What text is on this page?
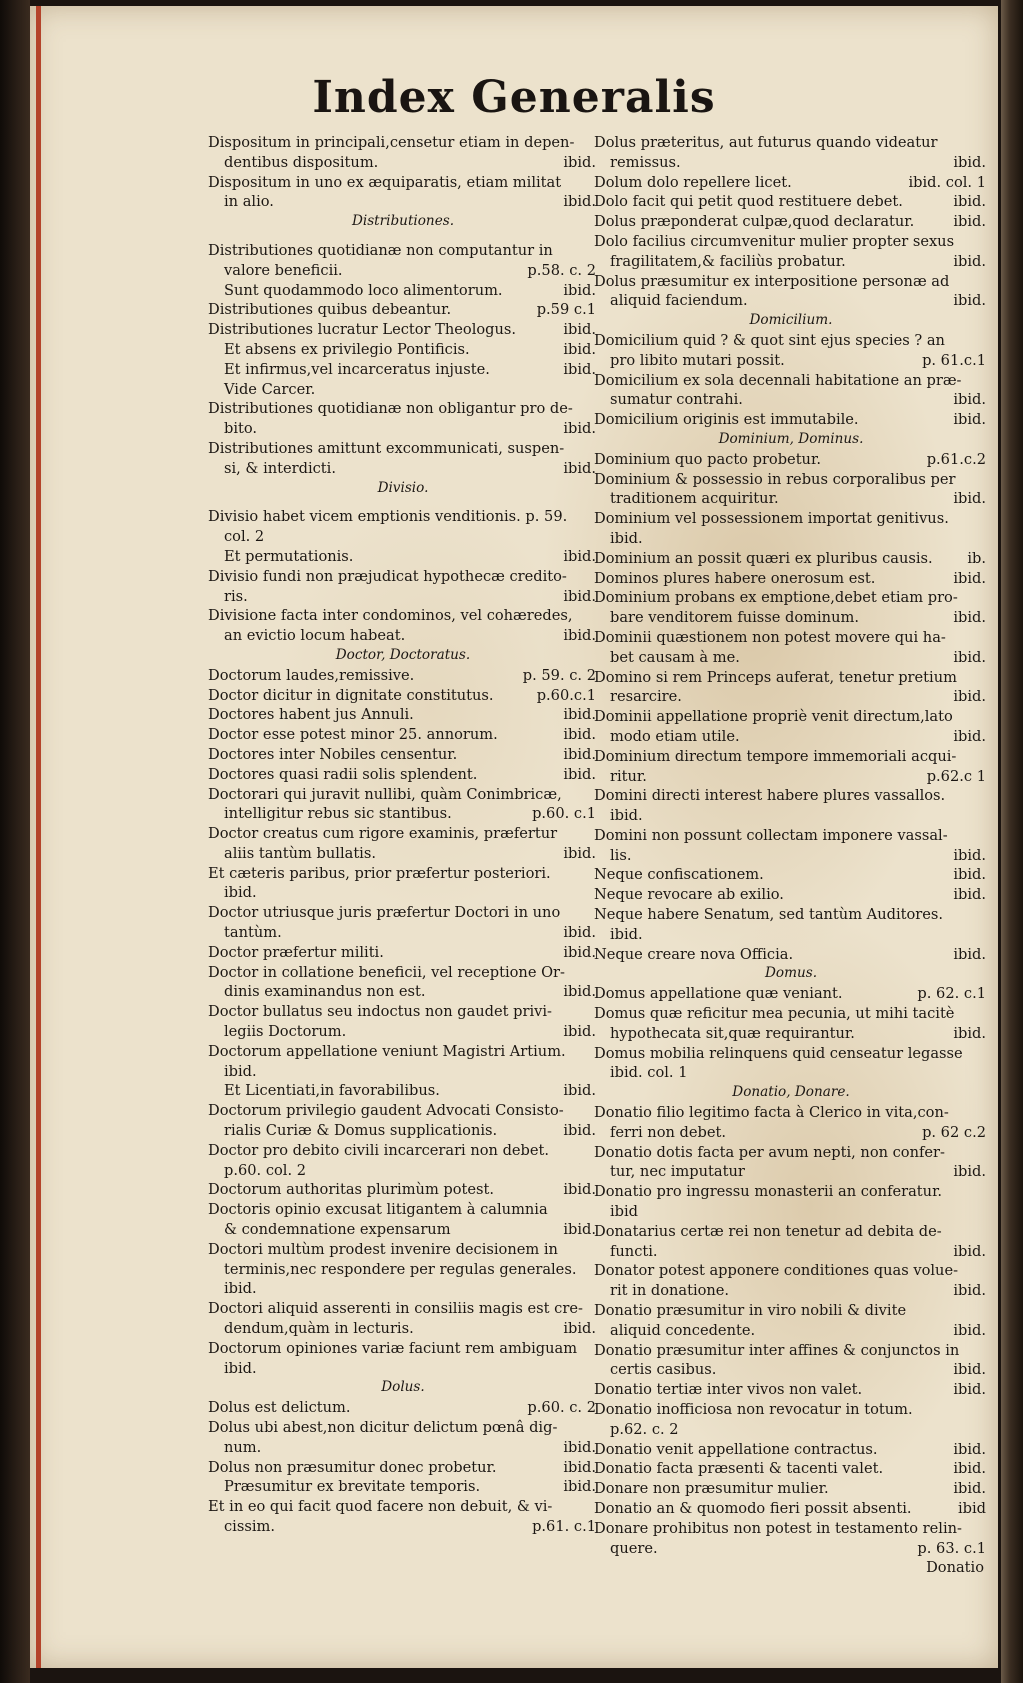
Index Generalis
Dispositum in principali,censetur etiam in depen-
dentibus dispositum.	ibid.
Dispositum in uno ex æquiparatis, etiam militat
in alio.	ibid.
Distributiones.
Distributiones quotidianæ non computantur in
valore beneficii.	p.58. c. 2
Sunt quodammodo loco alimentorum.	ibid.
Distributiones quibus debeantur.	p.59 c.1
Distributiones lucratur Lector Theologus.	ibid.
Et absens ex privilegio Pontificis.	ibid.
Et infirmus,vel incarceratus injuste.	ibid.
Vide Carcer.
Distributiones quotidianæ non obligantur pro de-
bito.	ibid.
Distributiones amittunt excommunicati, suspen-
si, & interdicti.	ibid.
Divisio.
Divisio habet vicem emptionis venditionis. p. 59.
col. 2
Et permutationis.	ibid.
Divisio fundi non præjudicat hypothecæ credito-
ris.	ibid.
Divisione facta inter condominos, vel cohæredes,
an evictio locum habeat.	ibid.
Doctor, Doctoratus.
Doctorum laudes,remissive.	p. 59. c. 2
Doctor dicitur in dignitate constitutus.	p.60.c.1
Doctores habent jus Annuli.	ibid.
Doctor esse potest minor 25. annorum.	ibid.
Doctores inter Nobiles censentur.	ibid.
Doctores quasi radii solis splendent.	ibid.
Doctorari qui juravit nullibi, quàm Conimbricæ,
intelligitur rebus sic stantibus.	p.60. c.1
Doctor creatus cum rigore examinis, præfertur
aliis tantùm bullatis.	ibid.
Et cæteris paribus, prior præfertur posteriori.
ibid.
Doctor utriusque juris præfertur Doctori in uno
tantùm.	ibid.
Doctor præfertur militi.	ibid.
Doctor in collatione beneficii, vel receptione Or-
dinis examinandus non est.	ibid.
Doctor bullatus seu indoctus non gaudet privi-
legiis Doctorum.	ibid.
Doctorum appellatione veniunt Magistri Artium.
ibid.
Et Licentiati,in favorabilibus.	ibid.
Doctorum privilegio gaudent Advocati Consisto-
rialis Curiæ & Domus supplicationis.	ibid.
Doctor pro debito civili incarcerari non debet.
p.60. col. 2
Doctorum authoritas plurimùm potest.	ibid.
Doctoris opinio excusat litigantem à calumnia
& condemnatione expensarum	ibid.
Doctori multùm prodest invenire decisionem in
terminis,nec respondere per regulas generales.
ibid.
Doctori aliquid asserenti in consiliis magis est cre-
dendum,quàm in lecturis.	ibid.
Doctorum opiniones variæ faciunt rem ambiguam
ibid.
Dolus.
Dolus est delictum.	p.60. c. 2
Dolus ubi abest,non dicitur delictum pœnâ dig-
num.	ibid.
Dolus non præsumitur donec probetur.	ibid.
Præsumitur ex brevitate temporis.	ibid.
Et in eo qui facit quod facere non debuit, & vi-
cissim.	p.61. c.1
Dolus præteritus, aut futurus quando videatur
remissus.	ibid.
Dolum dolo repellere licet.	ibid. col. 1
Dolo facit qui petit quod restituere debet.	ibid.
Dolus præponderat culpæ,quod declaratur.	ibid.
Dolo facilius circumvenitur mulier propter sexus
fragilitatem,& faciliùs probatur.	ibid.
Dolus præsumitur ex interpositione personæ ad
aliquid faciendum.	ibid.
Domicilium.
Domicilium quid ? & quot sint ejus species ? an
pro libito mutari possit.	p. 61.c.1
Domicilium ex sola decennali habitatione an præ-
sumatur contrahi.	ibid.
Domicilium originis est immutabile.	ibid.
Dominium, Dominus.
Dominium quo pacto probetur.	p.61.c.2
Dominium & possessio in rebus corporalibus per
traditionem acquiritur.	ibid.
Dominium vel possessionem importat genitivus.
ibid.
Dominium an possit quæri ex pluribus causis.	ib.
Dominos plures habere onerosum est.	ibid.
Dominium probans ex emptione,debet etiam pro-
bare venditorem fuisse dominum.	ibid.
Dominii quæstionem non potest movere qui ha-
bet causam à me.	ibid.
Domino si rem Princeps auferat, tenetur pretium
resarcire.	ibid.
Dominii appellatione propriè venit directum,lato
modo etiam utile.	ibid.
Dominium directum tempore immemoriali acqui-
ritur.	p.62.c 1
Domini directi interest habere plures vassallos.
ibid.
Domini non possunt collectam imponere vassal-
lis.	ibid.
Neque confiscationem.	ibid.
Neque revocare ab exilio.	ibid.
Neque habere Senatum, sed tantùm Auditores.
ibid.
Neque creare nova Officia.	ibid.
Domus.
Domus appellatione quæ veniant.	p. 62. c.1
Domus quæ reficitur mea pecunia, ut mihi tacitè
hypothecata sit,quæ requirantur.	ibid.
Domus mobilia relinquens quid censeatur legasse
ibid. col. 1
Donatio, Donare.
Donatio filio legitimo facta à Clerico in vita,con-
ferri non debet.	p. 62 c.2
Donatio dotis facta per avum nepti, non confer-
tur, nec imputatur	ibid.
Donatio pro ingressu monasterii an conferatur.
ibid
Donatarius certæ rei non tenetur ad debita de-
functi.	ibid.
Donator potest apponere conditiones quas volue-
rit in donatione.	ibid.
Donatio præsumitur in viro nobili & divite
aliquid concedente.	ibid.
Donatio præsumitur inter affines & conjunctos in
certis casibus.	ibid.
Donatio tertiæ inter vivos non valet.	ibid.
Donatio inofficiosa non revocatur in totum.
p.62. c. 2
Donatio venit appellatione contractus.	ibid.
Donatio facta præsenti & tacenti valet.	ibid.
Donare non præsumitur mulier.	ibid.
Donatio an & quomodo fieri possit absenti.	ibid
Donare prohibitus non potest in testamento relin-
quere.	p. 63. c.1
Donatio
